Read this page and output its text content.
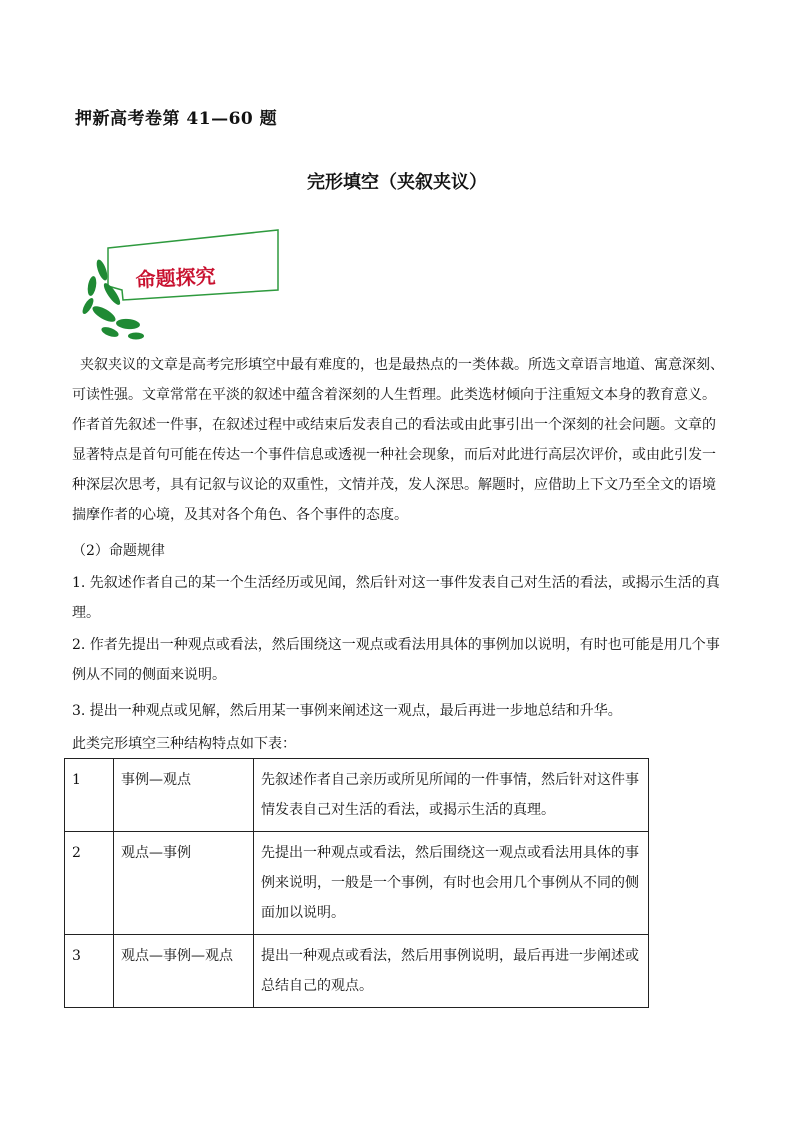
押新高考卷第 41—60 题
完形填空（夹叙夹议）
命题探究
夹叙夹议的文章是高考完形填空中最有难度的，也是最热点的一类体裁。所选文章语言地道、寓意深刻、可读性强。文章常常在平淡的叙述中蕴含着深刻的人生哲理。此类选材倾向于注重短文本身的教育意义。作者首先叙述一件事，在叙述过程中或结束后发表自己的看法或由此事引出一个深刻的社会问题。文章的显著特点是首句可能在传达一个事件信息或透视一种社会现象，而后对此进行高层次评价，或由此引发一种深层次思考，具有记叙与议论的双重性，文情并茂，发人深思。解题时，应借助上下文乃至全文的语境揣摩作者的心境，及其对各个角色、各个事件的态度。
（2）命题规律
1. 先叙述作者自己的某一个生活经历或见闻，然后针对这一事件发表自己对生活的看法，或揭示生活的真理。
2. 作者先提出一种观点或看法，然后围绕这一观点或看法用具体的事例加以说明，有时也可能是用几个事例从不同的侧面来说明。
3. 提出一种观点或见解，然后用某一事例来阐述这一观点，最后再进一步地总结和升华。
此类完形填空三种结构特点如下表：
1	事例—观点	先叙述作者自己亲历或所见所闻的一件事情，然后针对这件事情发表自己对生活的看法，或揭示生活的真理。
2	观点—事例	先提出一种观点或看法，然后围绕这一观点或看法用具体的事例来说明，一般是一个事例，有时也会用几个事例从不同的侧面加以说明。
3	观点—事例—观点	提出一种观点或看法，然后用事例说明，最后再进一步阐述或总结自己的观点。
